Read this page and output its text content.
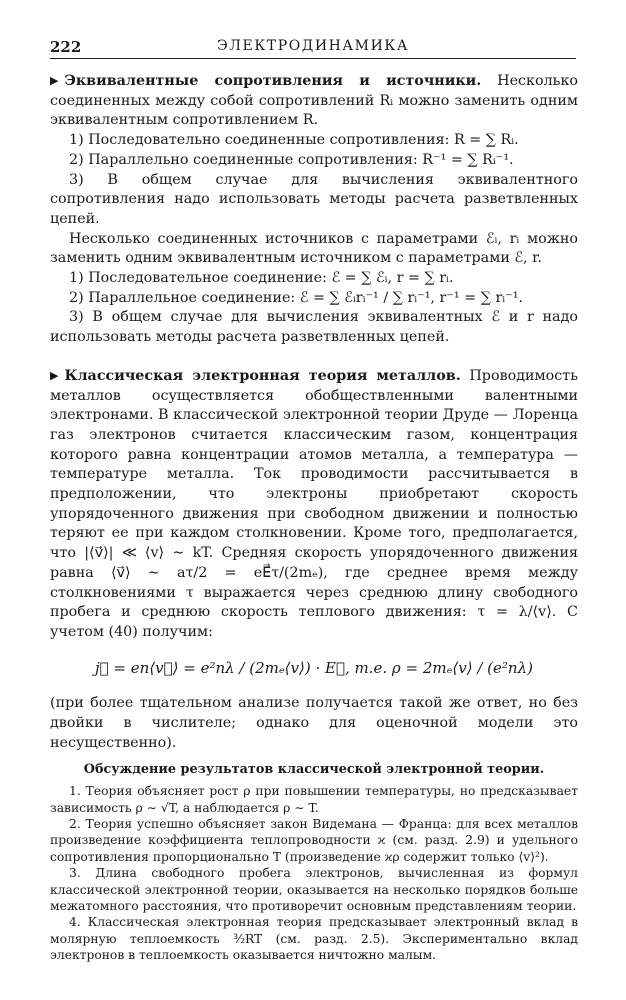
222	ЭЛЕКТРОДИНАМИКА

▶ Эквивалентные сопротивления и источники. Несколько соединенных между собой сопротивлений Rᵢ можно заменить одним эквивалентным сопротивлением R.

1) Последовательно соединенные сопротивления: R = ∑ Rᵢ.

2) Параллельно соединенные сопротивления: R⁻¹ = ∑ Rᵢ⁻¹.

3) В общем случае для вычисления эквивалентного сопротивления надо использовать методы расчета разветвленных цепей.

Несколько соединенных источников с параметрами ℰᵢ, rᵢ можно заменить одним эквивалентным источником с параметрами ℰ, r.

1) Последовательное соединение: ℰ = ∑ ℰᵢ, r = ∑ rᵢ.

2) Параллельное соединение: ℰ = ∑ ℰᵢrᵢ⁻¹ / ∑ rᵢ⁻¹, r⁻¹ = ∑ rᵢ⁻¹.

3) В общем случае для вычисления эквивалентных ℰ и r надо использовать методы расчета разветвленных цепей.

▶ Классическая электронная теория металлов. Проводимость металлов осуществляется обобществленными валентными электронами. В классической электронной теории Друде — Лоренца газ электронов считается классическим газом, концентрация которого равна концентрации атомов металла, а температура — температуре металла. Ток проводимости рассчитывается в предположении, что электроны приобретают скорость упорядоченного движения при свободном движении и полностью теряют ее при каждом столкновении. Кроме того, предполагается, что |⟨v⃗⟩| ≪ ⟨v⟩ ∼ kT. Средняя скорость упорядоченного движения равна ⟨v⃗⟩ ∼ aτ/2 = eE⃗τ/(2mₑ), где среднее время между столкновениями τ выражается через среднюю длину свободного пробега и среднюю скорость теплового движения: τ = λ/⟨v⟩. С учетом (40) получим:

j⃗ = en⟨v⃗⟩ = e²nλ / (2mₑ⟨v⟩) · E⃗, т.е. ρ = 2mₑ⟨v⟩ / (e²nλ)

(при более тщательном анализе получается такой же ответ, но без двойки в числителе; однако для оценочной модели это несущественно).

Обсуждение результатов классической электронной теории.

1. Теория объясняет рост ρ при повышении температуры, но предсказывает зависимость ρ ∼ √T, а наблюдается ρ ∼ T.

2. Теория успешно объясняет закон Видемана — Франца: для всех металлов произведение коэффициента теплопроводности ϰ (см. разд. 2.9) и удельного сопротивления пропорционально T (произведение ϰρ содержит только ⟨v⟩²).

3. Длина свободного пробега электронов, вычисленная из формул классической электронной теории, оказывается на несколько порядков больше межатомного расстояния, что противоречит основным представлениям теории.

4. Классическая электронная теория предсказывает электронный вклад в молярную теплоемкость ³⁄₂RT (см. разд. 2.5). Экспериментально вклад электронов в теплоемкость оказывается ничтожно малым.
